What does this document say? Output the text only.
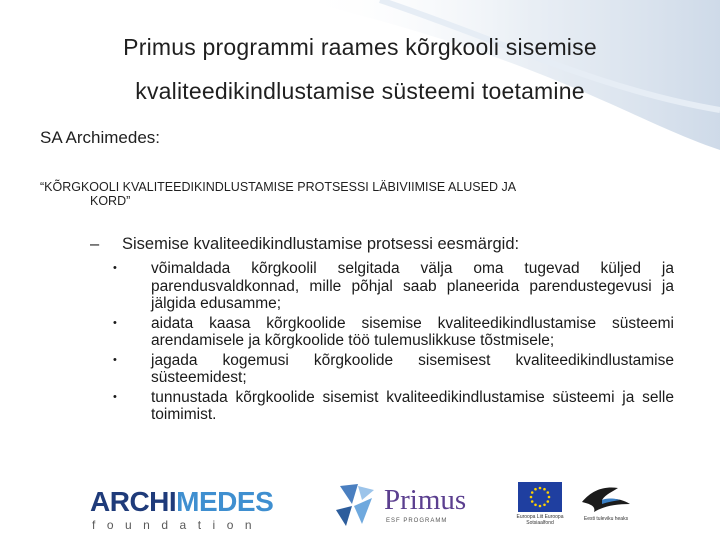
Primus programmi raames kõrgkooli sisemise
kvaliteedikindlustamise süsteemi toetamine
SA Archimedes:
“KÕRGKOOLI KVALITEEDIKINDLUSTAMISE PROTSESSI LÄBIVIIMISE ALUSED JA
KORD”
– Sisemise kvaliteedikindlustamise protsessi eesmärgid:
• võimaldada kõrgkoolil selgitada välja oma tugevad küljed ja parendusvaldkonnad, mille põhjal saab planeerida parendustegevusi ja jälgida edusamme;
• aidata kaasa kõrgkoolide sisemise kvaliteedikindlustamise süsteemi arendamisele ja kõrgkoolide töö tulemuslikkuse tõstmisele;
• jagada kogemusi kõrgkoolide sisemisest kvaliteedikindlustamise süsteemidest;
• tunnustada kõrgkoolide sisemist kvaliteedikindlustamise süsteemi ja selle toimimist.
ARCHIMEDES
foundation
Primus
ESF PROGRAMM
Euroopa Liit Euroopa Sotsiaalfond
Eesti tuleviku heaks
